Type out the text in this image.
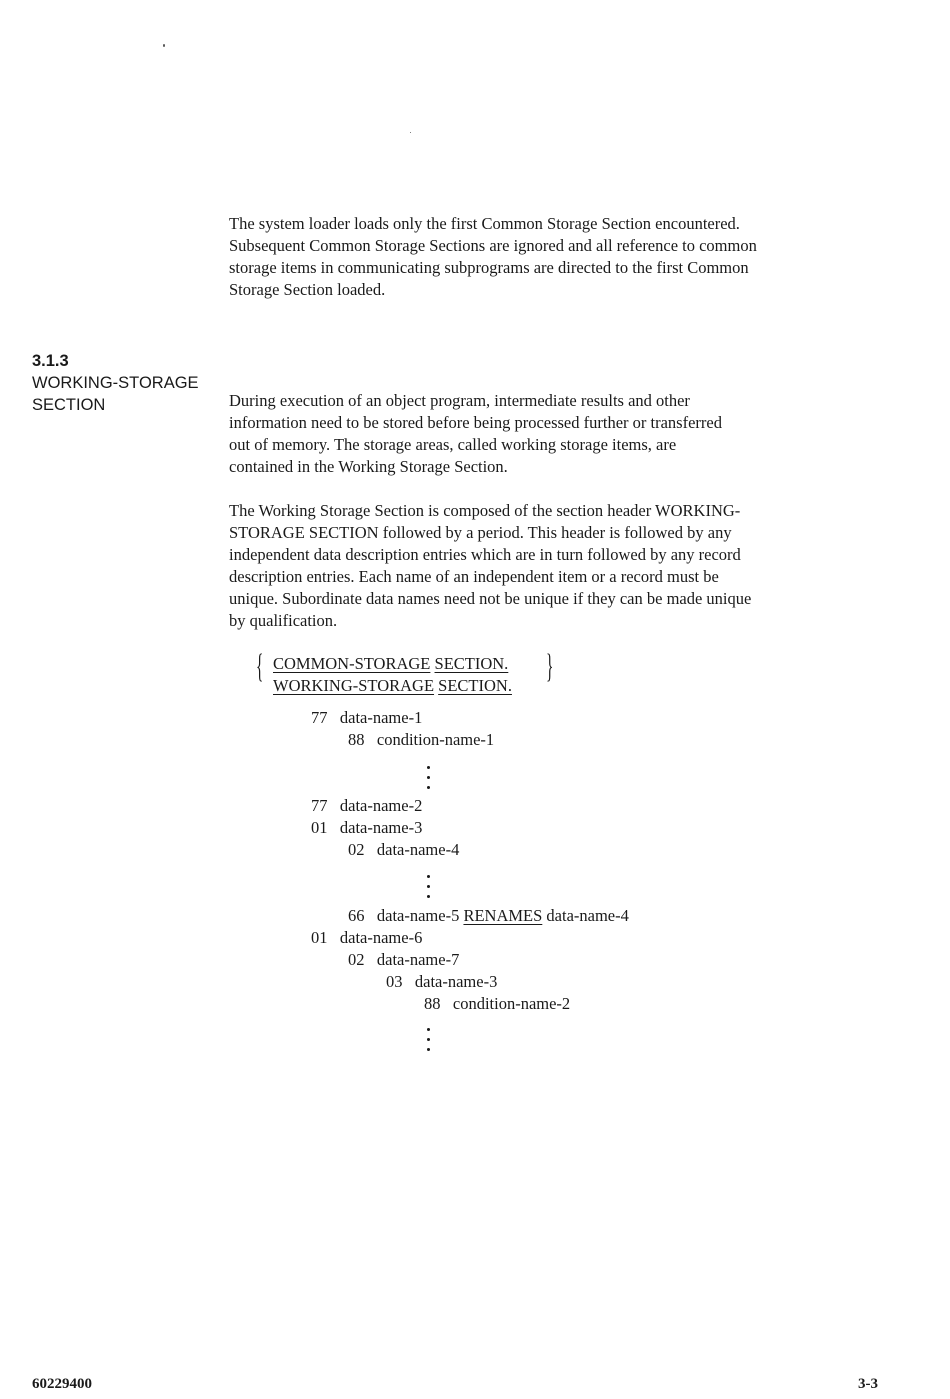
The system loader loads only the first Common Storage Section encountered.
Subsequent Common Storage Sections are ignored and all reference to common
storage items in communicating subprograms are directed to the first Common
Storage Section loaded.
3.1.3
WORKING-STORAGE
SECTION	During execution of an object program, intermediate results and other
information need to be stored before being processed further or transferred
out of memory. The storage areas, called working storage items, are
contained in the Working Storage Section.
The Working Storage Section is composed of the section header WORKING-
STORAGE SECTION followed by a period. This header is followed by any
independent data description entries which are in turn followed by any record
description entries. Each name of an independent item or a record must be
unique. Subordinate data names need not be unique if they can be made unique
by qualification.
{ COMMON-STORAGE SECTION.
WORKING-STORAGE SECTION.
}
77 data-name-1
88 condition-name-1
77 data-name-2
01 data-name-3
02 data-name-4
66 data-name-5 RENAMES data-name-4
01 data-name-6
02 data-name-7
03 data-name-3
88 condition-name-2
60229400	3-3
